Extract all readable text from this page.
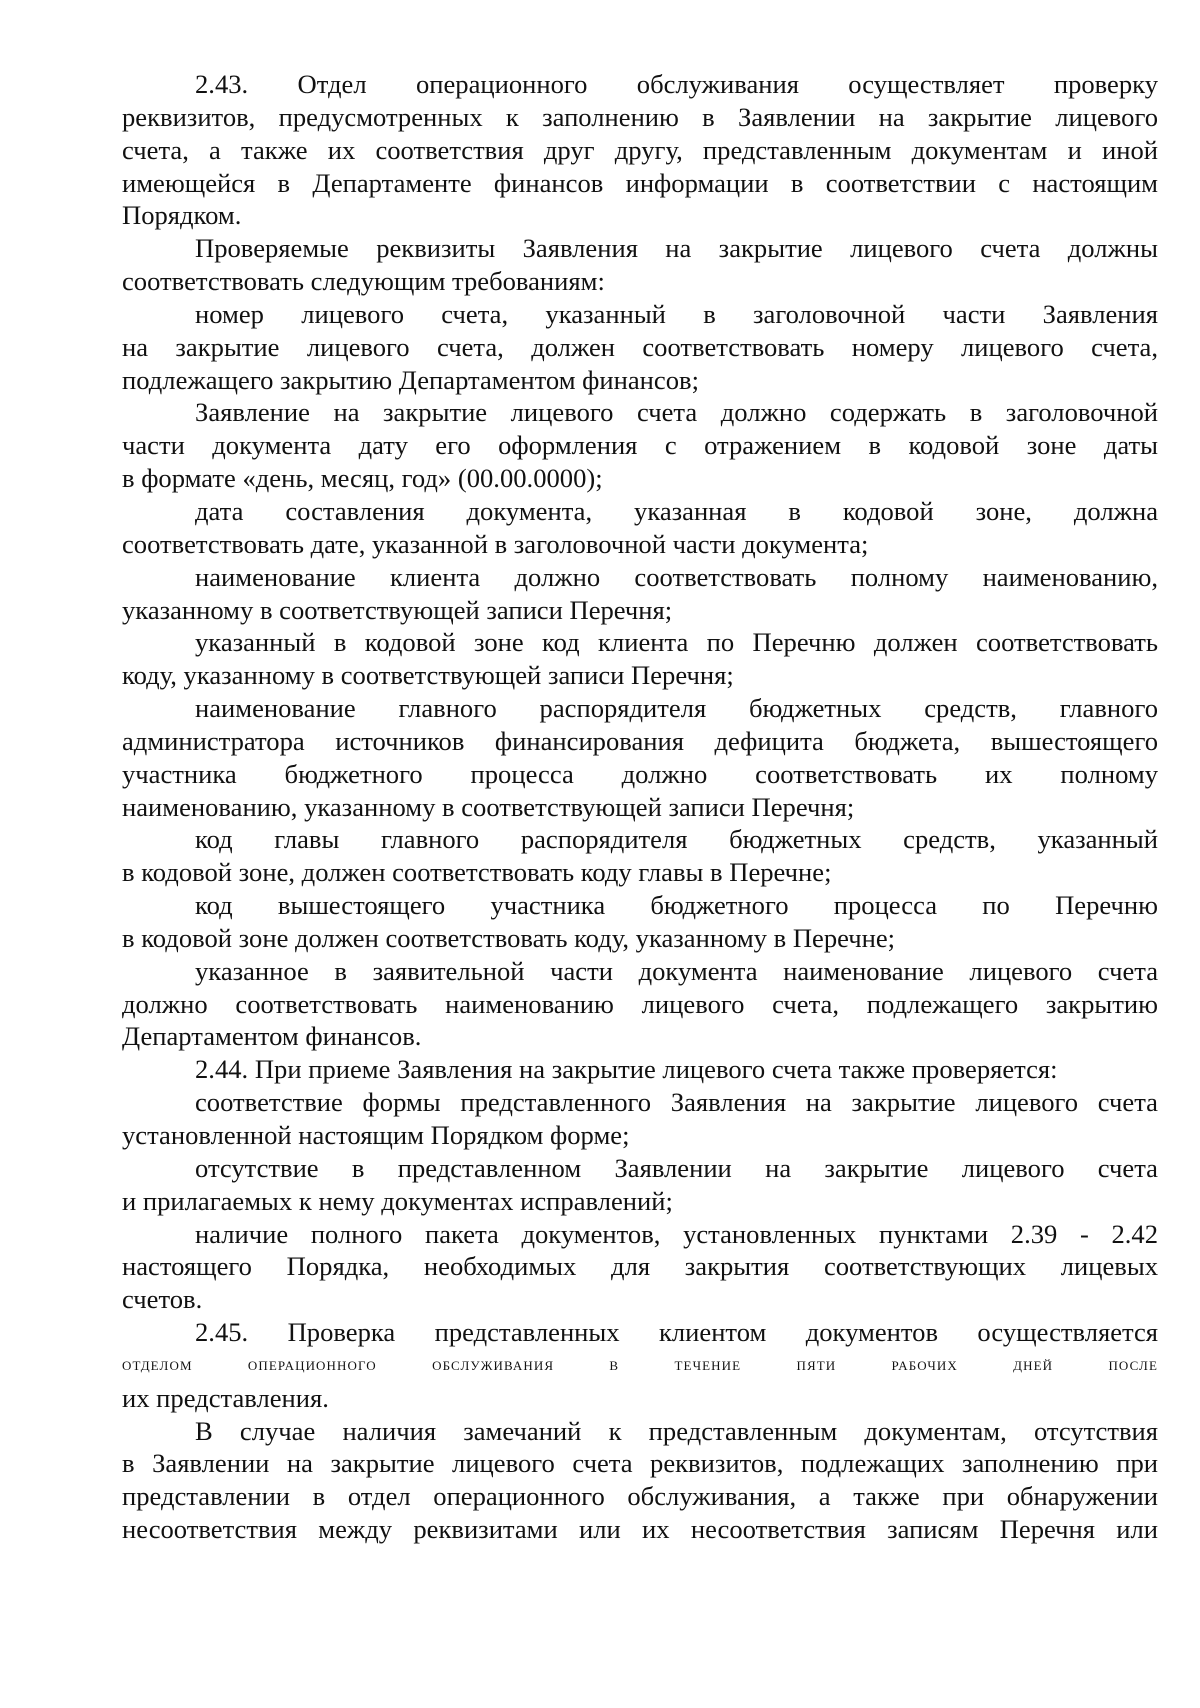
2.43. Отдел операционного обслуживания осуществляет проверку
реквизитов, предусмотренных к заполнению в Заявлении на закрытие лицевого
счета, а также их соответствия друг другу, представленным документам и иной
имеющейся в Департаменте финансов информации в соответствии с настоящим
Порядком.
Проверяемые реквизиты Заявления на закрытие лицевого счета должны
соответствовать следующим требованиям:
номер лицевого счета, указанный в заголовочной части Заявления
на закрытие лицевого счета, должен соответствовать номеру лицевого счета,
подлежащего закрытию Департаментом финансов;
Заявление на закрытие лицевого счета должно содержать в заголовочной
части документа дату его оформления с отражением в кодовой зоне даты
в формате «день, месяц, год» (00.00.0000);
дата составления документа, указанная в кодовой зоне, должна
соответствовать дате, указанной в заголовочной части документа;
наименование клиента должно соответствовать полному наименованию,
указанному в соответствующей записи Перечня;
указанный в кодовой зоне код клиента по Перечню должен соответствовать
коду, указанному в соответствующей записи Перечня;
наименование главного распорядителя бюджетных средств, главного
администратора источников финансирования дефицита бюджета, вышестоящего
участника бюджетного процесса должно соответствовать их полному
наименованию, указанному в соответствующей записи Перечня;
код главы главного распорядителя бюджетных средств, указанный
в кодовой зоне, должен соответствовать коду главы в Перечне;
код вышестоящего участника бюджетного процесса по Перечню
в кодовой зоне должен соответствовать коду, указанному в Перечне;
указанное в заявительной части документа наименование лицевого счета
должно соответствовать наименованию лицевого счета, подлежащего закрытию
Департаментом финансов.
2.44. При приеме Заявления на закрытие лицевого счета также проверяется:
соответствие формы представленного Заявления на закрытие лицевого счета
установленной настоящим Порядком форме;
отсутствие в представленном Заявлении на закрытие лицевого счета
и прилагаемых к нему документах исправлений;
наличие полного пакета документов, установленных пунктами 2.39 - 2.42
настоящего Порядка, необходимых для закрытия соответствующих лицевых
счетов.
2.45. Проверка представленных клиентом документов осуществляется
отделом операционного обслуживания в течение пяти рабочих дней после
их представления.
В случае наличия замечаний к представленным документам, отсутствия
в Заявлении на закрытие лицевого счета реквизитов, подлежащих заполнению при
представлении в отдел операционного обслуживания, а также при обнаружении
несоответствия между реквизитами или их несоответствия записям Перечня или
